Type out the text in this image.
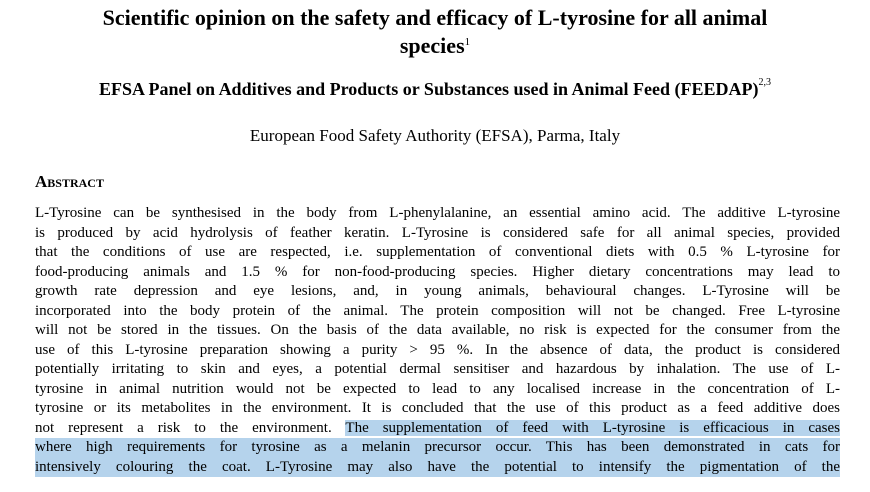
Scientific opinion on the safety and efficacy of L-tyrosine for all animal
species$^1$
EFSA Panel on Additives and Products or Substances used in Animal Feed (FEEDAP)$^{2,3}$
European Food Safety Authority (EFSA), Parma, Italy
Abstract
L-Tyrosine can be synthesised in the body from L-phenylalanine, an essential amino acid. The additive L-tyrosine
is produced by acid hydrolysis of feather keratin. L-Tyrosine is considered safe for all animal species, provided
that the conditions of use are respected, i.e. supplementation of conventional diets with 0.5 % L-tyrosine for
food-producing animals and 1.5 % for non-food-producing species. Higher dietary concentrations may lead to
growth rate depression and eye lesions, and, in young animals, behavioural changes. L-Tyrosine will be
incorporated into the body protein of the animal. The protein composition will not be changed. Free L-tyrosine
will not be stored in the tissues. On the basis of the data available, no risk is expected for the consumer from the
use of this L-tyrosine preparation showing a purity > 95 %. In the absence of data, the product is considered
potentially irritating to skin and eyes, a potential dermal sensitiser and hazardous by inhalation. The use of L-
tyrosine in animal nutrition would not be expected to lead to any localised increase in the concentration of L-
tyrosine or its metabolites in the environment. It is concluded that the use of this product as a feed additive does
not represent a risk to the environment. The supplementation of feed with L-tyrosine is efficacious in cases
where high requirements for tyrosine as a melanin precursor occur. This has been demonstrated in cats for
intensively colouring the coat. L-Tyrosine may also have the potential to intensify the pigmentation of the
